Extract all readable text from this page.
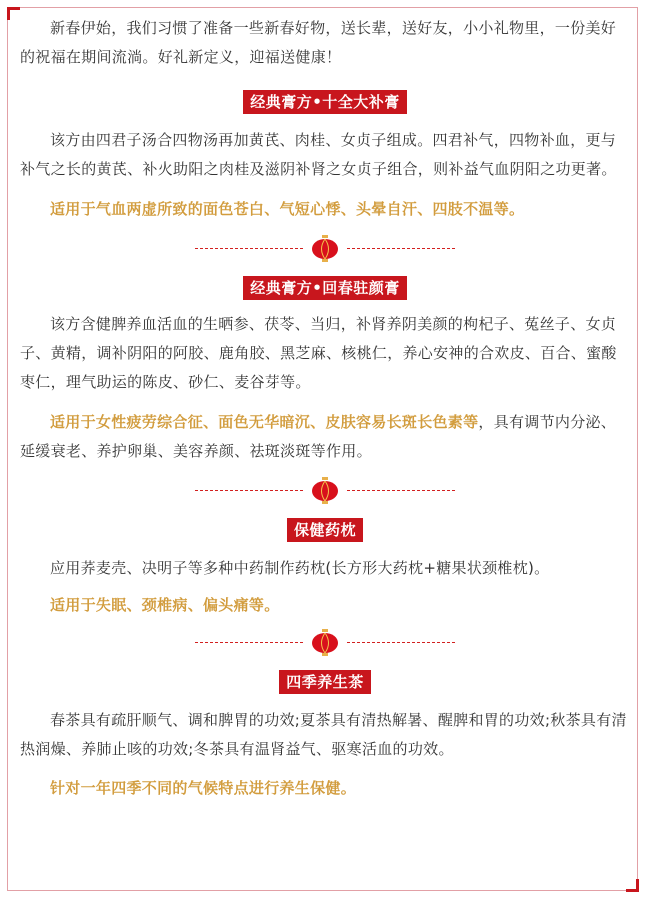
新春伊始，我们习惯了准备一些新春好物，送长辈，送好友，小小礼物里，一份美好的祝福在期间流淌。好礼新定义，迎福送健康！

经典膏方•十全大补膏

该方由四君子汤合四物汤再加黄芪、肉桂、女贞子组成。四君补气，四物补血，更与补气之长的黄芪、补火助阳之肉桂及滋阴补肾之女贞子组合，则补益气血阴阳之功更著。

适用于气血两虚所致的面色苍白、气短心悸、头晕自汗、四肢不温等。

经典膏方•回春驻颜膏

该方含健脾养血活血的生晒参、茯苓、当归，补肾养阴美颜的枸杞子、菟丝子、女贞子、黄精，调补阴阳的阿胶、鹿角胶、黑芝麻、核桃仁，养心安神的合欢皮、百合、蜜酸枣仁，理气助运的陈皮、砂仁、麦谷芽等。

适用于女性疲劳综合征、面色无华暗沉、皮肤容易长斑长色素等，具有调节内分泌、延缓衰老、养护卵巢、美容养颜、祛斑淡斑等作用。

保健药枕

应用荞麦壳、决明子等多种中药制作药枕(长方形大药枕+糖果状颈椎枕)。

适用于失眠、颈椎病、偏头痛等。

四季养生茶

春茶具有疏肝顺气、调和脾胃的功效;夏茶具有清热解暑、醒脾和胃的功效;秋茶具有清热润燥、养肺止咳的功效;冬茶具有温肾益气、驱寒活血的功效。

针对一年四季不同的气候特点进行养生保健。
